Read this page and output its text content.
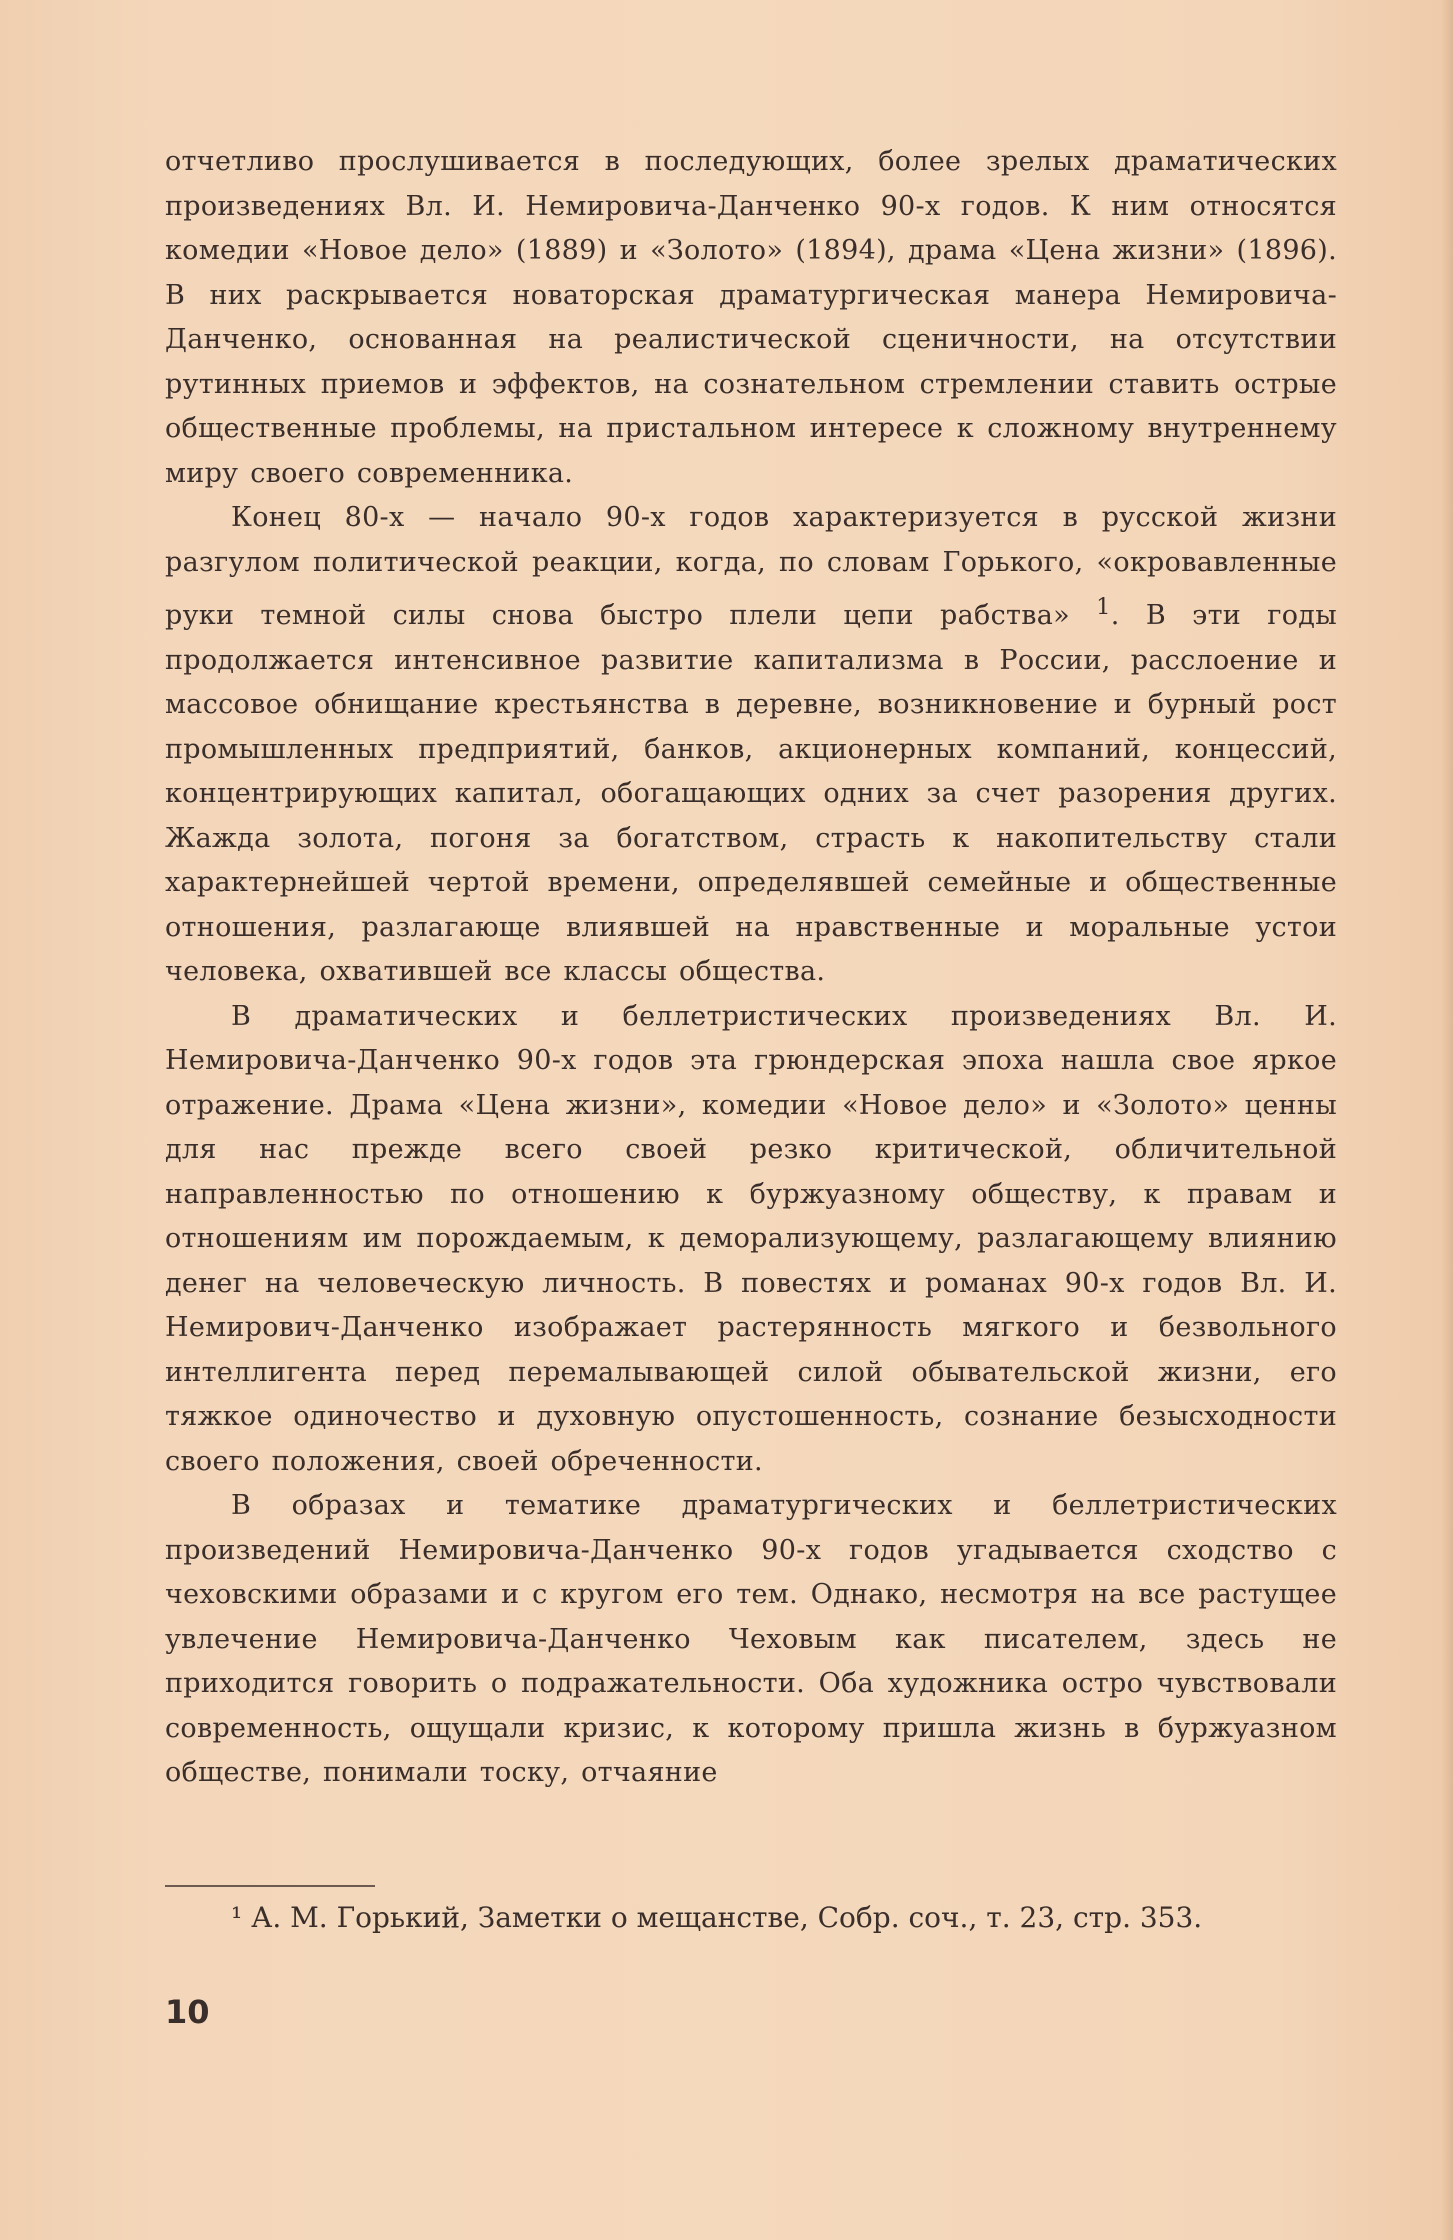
отчетливо прослушивается в последующих, более зрелых драматических произведениях Вл. И. Немировича-Данченко 90-х годов. К ним относятся комедии «Новое дело» (1889) и «Золото» (1894), драма «Цена жизни» (1896). В них раскрывается новаторская драматургическая манера Немировича-Данченко, основанная на реалистической сценичности, на отсутствии рутинных приемов и эффектов, на сознательном стремлении ставить острые общественные проблемы, на пристальном интересе к сложному внутреннему миру своего современника.

Конец 80-х — начало 90-х годов характеризуется в русской жизни разгулом политической реакции, когда, по словам Горького, «окровавленные руки темной силы снова быстро плели цепи рабства» $^1$. В эти годы продолжается интенсивное развитие капитализма в России, расслоение и массовое обнищание крестьянства в деревне, возникновение и бурный рост промышленных предприятий, банков, акционерных компаний, концессий, концентрирующих капитал, обогащающих одних за счет разорения других. Жажда золота, погоня за богатством, страсть к накопительству стали характернейшей чертой времени, определявшей семейные и общественные отношения, разлагающе влиявшей на нравственные и моральные устои человека, охватившей все классы общества.

В драматических и беллетристических произведениях Вл. И. Немировича-Данченко 90-х годов эта грюндерская эпоха нашла свое яркое отражение. Драма «Цена жизни», комедии «Новое дело» и «Золото» ценны для нас прежде всего своей резко критической, обличительной направленностью по отношению к буржуазному обществу, к правам и отношениям им порождаемым, к деморализующему, разлагающему влиянию денег на человеческую личность. В повестях и романах 90-х годов Вл. И. Немирович-Данченко изображает растерянность мягкого и безвольного интеллигента перед перемалывающей силой обывательской жизни, его тяжкое одиночество и духовную опустошенность, сознание безысходности своего положения, своей обреченности.

В образах и тематике драматургических и беллетристических произведений Немировича-Данченко 90-х годов угадывается сходство с чеховскими образами и с кругом его тем. Однако, несмотря на все растущее увлечение Немировича-Данченко Чеховым как писателем, здесь не приходится говорить о подражательности. Оба художника остро чувствовали современность, ощущали кризис, к которому пришла жизнь в буржуазном обществе, понимали тоску, отчаяние

¹ А. М. Горький, Заметки о мещанстве, Собр. соч., т. 23, стр. 353.

10
